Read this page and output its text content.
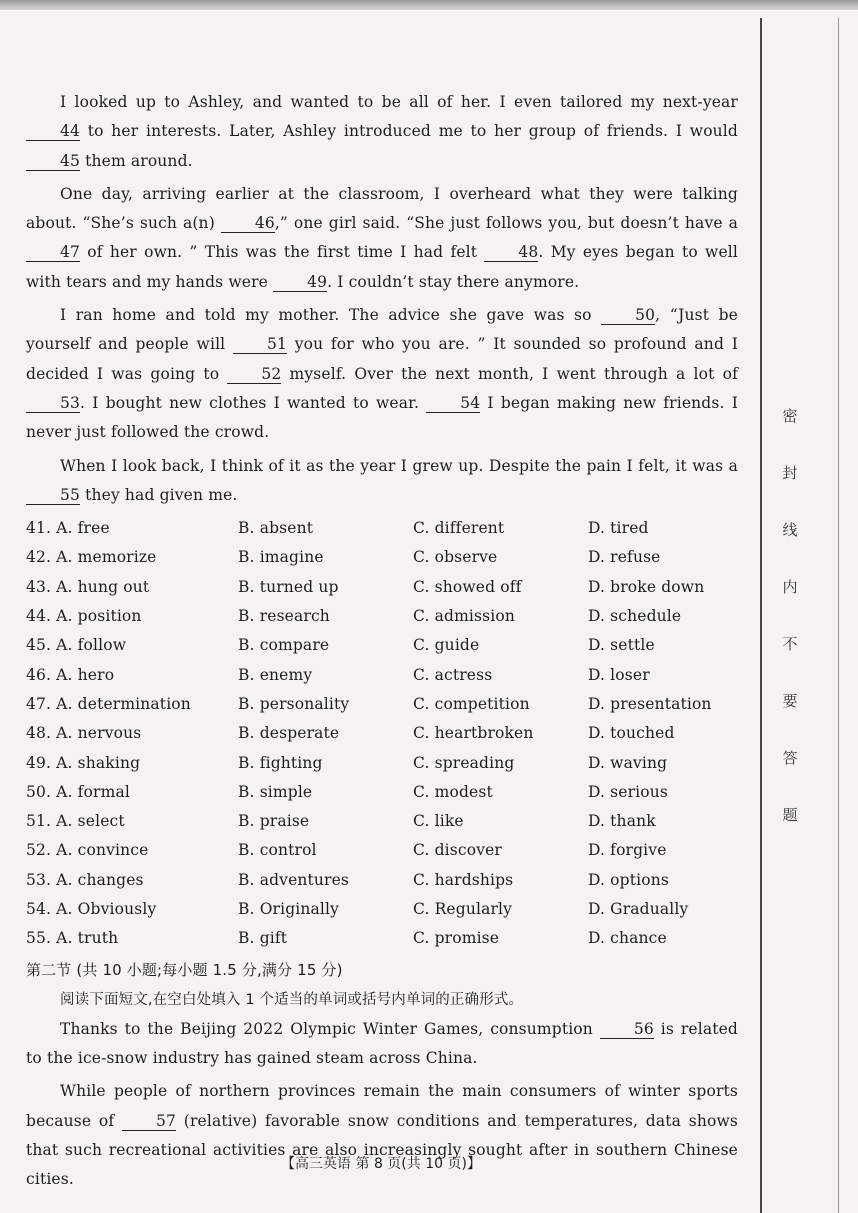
密
封
线
内
不
要
答
题

I looked up to Ashley, and wanted to be all of her. I even tailored my next-year 44 to her interests. Later, Ashley introduced me to her group of friends. I would 45 them around.

One day, arriving earlier at the classroom, I overheard what they were talking about. “She’s such a(n) 46,” one girl said. “She just follows you, but doesn’t have a 47 of her own. ” This was the first time I had felt 48. My eyes began to well with tears and my hands were 49. I couldn’t stay there anymore.

I ran home and told my mother. The advice she gave was so 50, “Just be yourself and people will 51 you for who you are. ” It sounded so profound and I decided I was going to 52 myself. Over the next month, I went through a lot of 53. I bought new clothes I wanted to wear. 54 I began making new friends. I never just followed the crowd.

When I look back, I think of it as the year I grew up. Despite the pain I felt, it was a 55 they had given me.

41. A. free	B. absent	C. different	D. tired
42. A. memorize	B. imagine	C. observe	D. refuse
43. A. hung out	B. turned up	C. showed off	D. broke down
44. A. position	B. research	C. admission	D. schedule
45. A. follow	B. compare	C. guide	D. settle
46. A. hero	B. enemy	C. actress	D. loser
47. A. determination	B. personality	C. competition	D. presentation
48. A. nervous	B. desperate	C. heartbroken	D. touched
49. A. shaking	B. fighting	C. spreading	D. waving
50. A. formal	B. simple	C. modest	D. serious
51. A. select	B. praise	C. like	D. thank
52. A. convince	B. control	C. discover	D. forgive
53. A. changes	B. adventures	C. hardships	D. options
54. A. Obviously	B. Originally	C. Regularly	D. Gradually
55. A. truth	B. gift	C. promise	D. chance
第二节 (共 10 小题;每小题 1.5 分,满分 15 分)
阅读下面短文,在空白处填入 1 个适当的单词或括号内单词的正确形式。

Thanks to the Beijing 2022 Olympic Winter Games, consumption 56 is related to the ice-snow industry has gained steam across China.

While people of northern provinces remain the main consumers of winter sports because of 57 (relative) favorable snow conditions and temperatures, data shows that such recreational activities are also increasingly sought after in southern Chinese cities.

【高三英语 第 8 页(共 10 页)】
